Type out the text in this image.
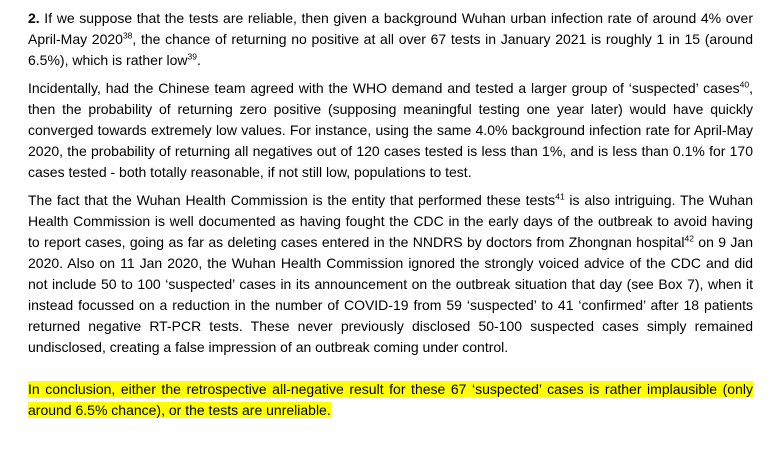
2. If we suppose that the tests are reliable, then given a background Wuhan urban infection rate of around 4% over April-May 2020$^{38}$, the chance of returning no positive at all over 67 tests in January 2021 is roughly 1 in 15 (around 6.5%), which is rather low$^{39}$.

Incidentally, had the Chinese team agreed with the WHO demand and tested a larger group of ‘suspected’ cases$^{40}$, then the probability of returning zero positive (supposing meaningful testing one year later) would have quickly converged towards extremely low values. For instance, using the same 4.0% background infection rate for April-May 2020, the probability of returning all negatives out of 120 cases tested is less than 1%, and is less than 0.1% for 170 cases tested - both totally reasonable, if not still low, populations to test.

The fact that the Wuhan Health Commission is the entity that performed these tests$^{41}$ is also intriguing. The Wuhan Health Commission is well documented as having fought the CDC in the early days of the outbreak to avoid having to report cases, going as far as deleting cases entered in the NNDRS by doctors from Zhongnan hospital$^{42}$ on 9 Jan 2020. Also on 11 Jan 2020, the Wuhan Health Commission ignored the strongly voiced advice of the CDC and did not include 50 to 100 ‘suspected’ cases in its announcement on the outbreak situation that day (see Box 7), when it instead focussed on a reduction in the number of COVID-19 from 59 ‘suspected’ to 41 ‘confirmed’ after 18 patients returned negative RT-PCR tests. These never previously disclosed 50-100 suspected cases simply remained undisclosed, creating a false impression of an outbreak coming under control.

In conclusion, either the retrospective all-negative result for these 67 ‘suspected’ cases is rather implausible (only around 6.5% chance), or the tests are unreliable.
